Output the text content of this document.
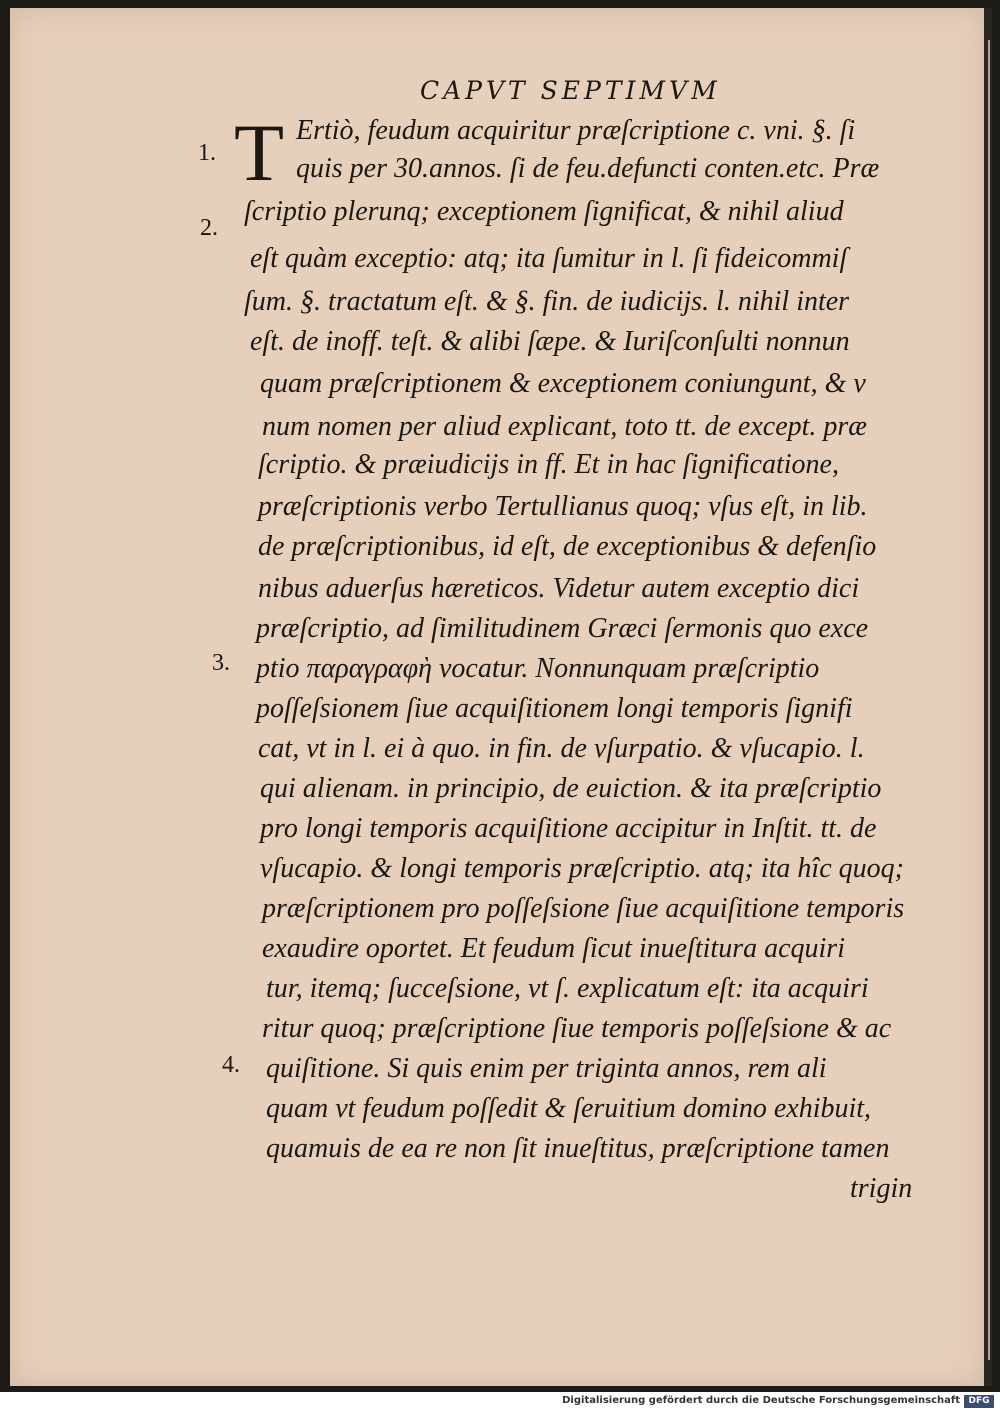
CAPVT SEPTIMVM
T Ertiò, feudum acquiritur præſcriptione c. vni. §. ſi
quis per 30.annos. ſi de feu.defuncti conten.etc. Præ
ſcriptio plerunq; exceptionem ſignificat, & nihil aliud
eſt quàm exceptio: atq; ita ſumitur in l. ſi fideicommiſ
ſum. §. tractatum eſt. & §. fin. de iudicijs. l. nihil inter
eſt. de inoff. teſt. & alibi ſæpe. & Iuriſconſulti nonnun
quam præſcriptionem & exceptionem coniungunt, & v
num nomen per aliud explicant, toto tt. de except. præ
ſcriptio. & præiudicijs in ff. Et in hac ſignificatione,
præſcriptionis verbo Tertullianus quoq; vſus eſt, in lib.
de præſcriptionibus, id eſt, de exceptionibus & defenſio
nibus aduerſus hæreticos. Videtur autem exceptio dici
præſcriptio, ad ſimilitudinem Græci ſermonis quo exce
ptio παραγραφὴ vocatur. Nonnunquam præſcriptio
poſſeſsionem ſiue acquiſitionem longi temporis ſignifi
cat, vt in l. ei à quo. in fin. de vſurpatio. & vſucapio. l.
qui alienam. in principio, de euiction. & ita præſcriptio
pro longi temporis acquiſitione accipitur in Inſtit. tt. de
vſucapio. & longi temporis præſcriptio. atq; ita hîc quoq;
præſcriptionem pro poſſeſsione ſiue acquiſitione temporis
exaudire oportet. Et feudum ſicut inueſtitura acquiri
tur, itemq; ſucceſsione, vt ſ. explicatum eſt: ita acquiri
ritur quoq; præſcriptione ſiue temporis poſſeſsione & ac
quiſitione. Si quis enim per triginta annos, rem ali
quam vt feudum poſſedit & ſeruitium domino exhibuit,
quamuis de ea re non ſit inueſtitus, præſcriptione tamen
trigin
1.
2.
3.
4.
Digitalisierung gefördert durch die Deutsche Forschungsgemeinschaft DFG
